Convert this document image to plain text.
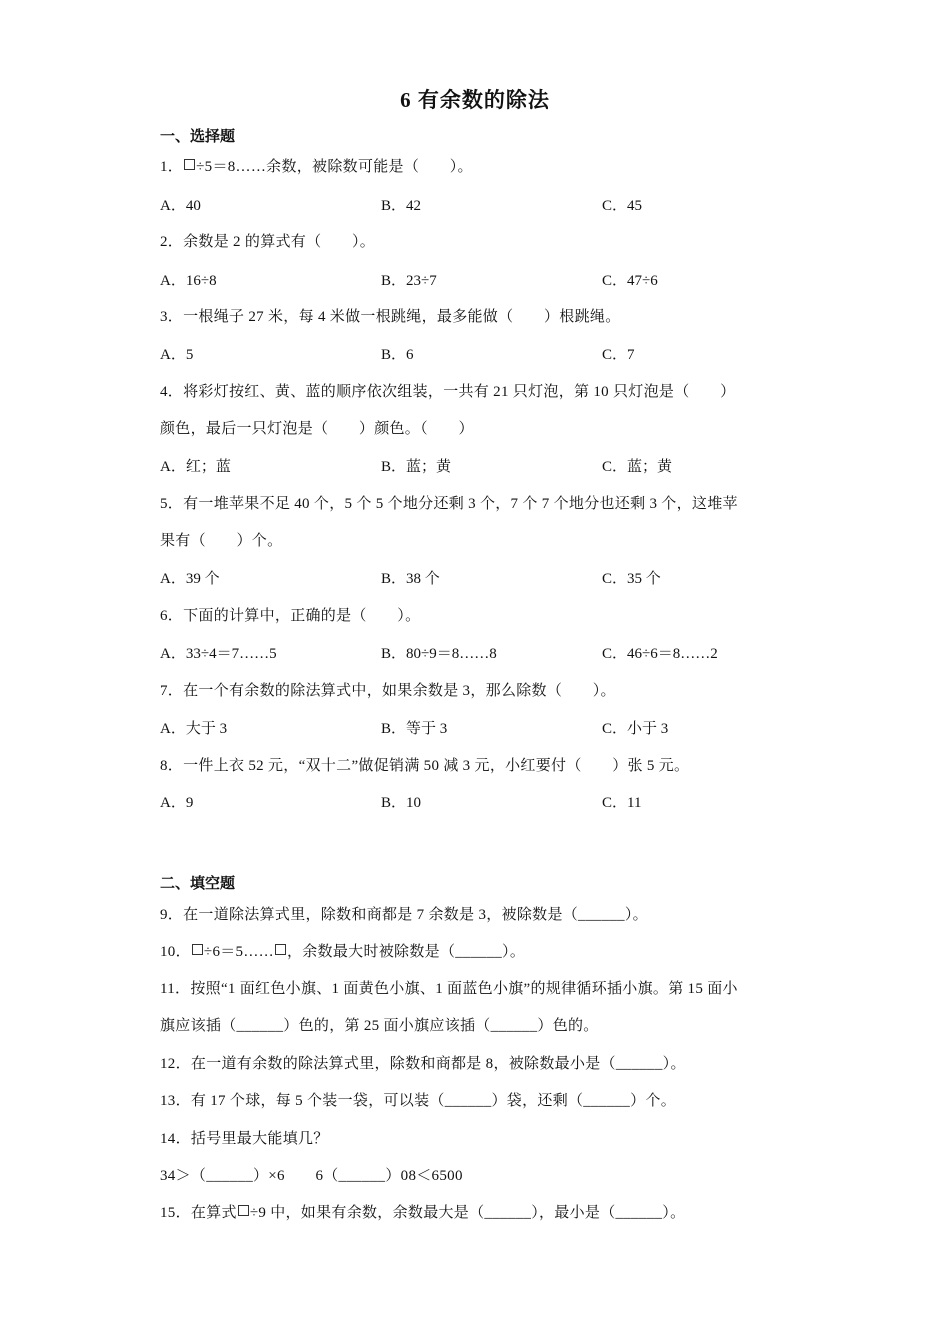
6 有余数的除法
一、选择题
1． ÷5＝8……余数，被除数可能是（　　）。
A．40	B．42	C．45
2．余数是 2 的算式有（　　）。
A．16÷8	B．23÷7	C．47÷6
3．一根绳子 27 米，每 4 米做一根跳绳，最多能做（　　）根跳绳。
A．5	B．6	C．7
4．将彩灯按红、黄、蓝的顺序依次组装，一共有 21 只灯泡，第 10 只灯泡是（　　）
颜色，最后一只灯泡是（　　）颜色。（　　）
A．红；蓝	B．蓝；黄	C．蓝；黄
5．有一堆苹果不足 40 个，5 个 5 个地分还剩 3 个，7 个 7 个地分也还剩 3 个，这堆苹
果有（　　）个。
A．39 个	B．38 个	C．35 个
6．下面的计算中，正确的是（　　）。
A．33÷4＝7……5	B．80÷9＝8……8	C．46÷6＝8……2
7．在一个有余数的除法算式中，如果余数是 3，那么除数（　　）。
A．大于 3	B．等于 3	C．小于 3
8．一件上衣 52 元，“双十二”做促销满 50 减 3 元，小红要付（　　）张 5 元。
A．9	B．10	C．11
二、填空题
9．在一道除法算式里，除数和商都是 7 余数是 3，被除数是（______）。
10． ÷6＝5…… ，余数最大时被除数是（______）。
11．按照“1 面红色小旗、1 面黄色小旗、1 面蓝色小旗”的规律循环插小旗。第 15 面小
旗应该插（______）色的，第 25 面小旗应该插（______）色的。
12．在一道有余数的除法算式里，除数和商都是 8，被除数最小是（______）。
13．有 17 个球，每 5 个装一袋，可以装（______）袋，还剩（______）个。
14．括号里最大能填几？
34＞（______）×6　　6（______）08＜6500
15．在算式 ÷9 中，如果有余数，余数最大是（______），最小是（______）。
